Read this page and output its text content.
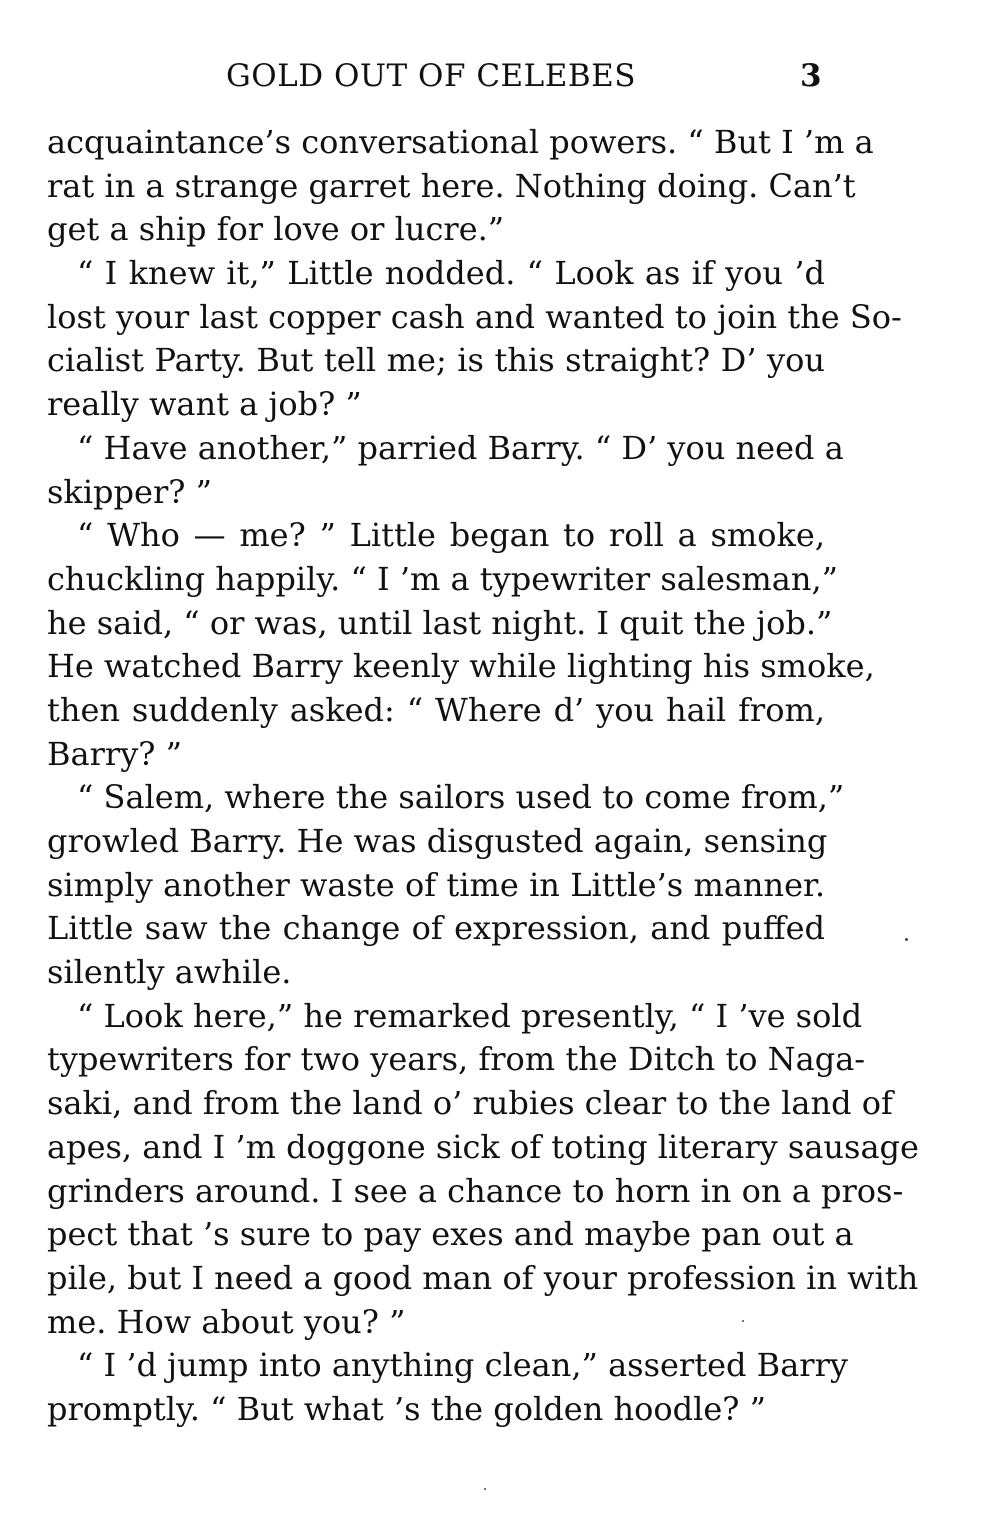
GOLD OUT OF CELEBES	3

acquaintance’s conversational powers. “ But I ’m a
rat in a strange garret here. Nothing doing. Can’t
get a ship for love or lucre.”

“ I knew it,” Little nodded. “ Look as if you ’d
lost your last copper cash and wanted to join the So-
cialist Party. But tell me; is this straight? D’ you
really want a job? ”

“ Have another,” parried Barry. “ D’ you need a
skipper? ”

“ Who — me? ” Little began to roll a smoke,
chuckling happily. “ I ’m a typewriter salesman,”
he said, “ or was, until last night. I quit the job.”
He watched Barry keenly while lighting his smoke,
then suddenly asked: “ Where d’ you hail from,
Barry? ”

“ Salem, where the sailors used to come from,”
growled Barry. He was disgusted again, sensing
simply another waste of time in Little’s manner.
Little saw the change of expression, and puffed
silently awhile.

“ Look here,” he remarked presently, “ I ’ve sold
typewriters for two years, from the Ditch to Naga-
saki, and from the land o’ rubies clear to the land of
apes, and I ’m doggone sick of toting literary sausage
grinders around. I see a chance to horn in on a pros-
pect that ’s sure to pay exes and maybe pan out a
pile, but I need a good man of your profession in with
me. How about you? ”

“ I ’d jump into anything clean,” asserted Barry
promptly. “ But what ’s the golden hoodle? ”
